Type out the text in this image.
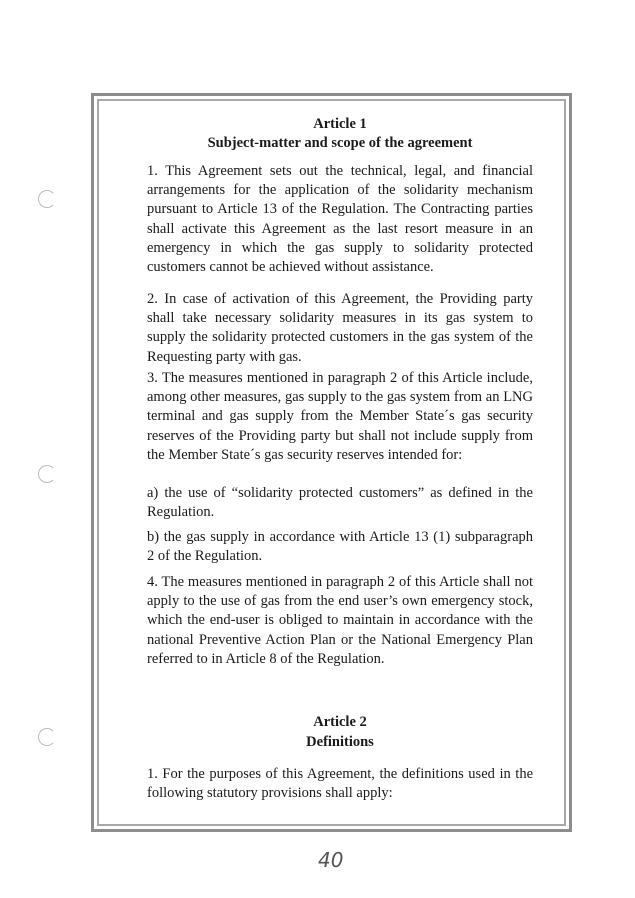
Article 1
Subject-matter and scope of the agreement
1. This Agreement sets out the technical, legal, and financial arrangements for the application of the solidarity mechanism pursuant to Article 13 of the Regulation. The Contracting parties shall activate this Agreement as the last resort measure in an emergency in which the gas supply to solidarity protected customers cannot be achieved without assistance.
2. In case of activation of this Agreement, the Providing party shall take necessary solidarity measures in its gas system to supply the solidarity protected customers in the gas system of the Requesting party with gas.
3. The measures mentioned in paragraph 2 of this Article include, among other measures, gas supply to the gas system from an LNG terminal and gas supply from the Member State´s gas security reserves of the Providing party but shall not include supply from the Member State´s gas security reserves intended for:
a) the use of “solidarity protected customers” as defined in the Regulation.
b) the gas supply in accordance with Article 13 (1) subparagraph 2 of the Regulation.
4. The measures mentioned in paragraph 2 of this Article shall not apply to the use of gas from the end user’s own emergency stock, which the end-user is obliged to maintain in accordance with the national Preventive Action Plan or the National Emergency Plan referred to in Article 8 of the Regulation.
Article 2
Definitions
1. For the purposes of this Agreement, the definitions used in the following statutory provisions shall apply:
40
